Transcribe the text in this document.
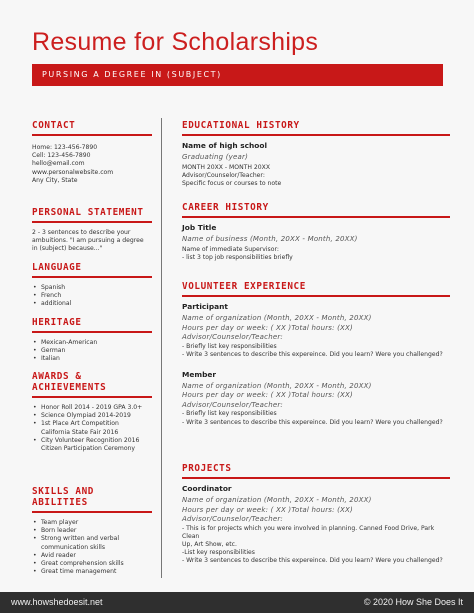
Resume for Scholarships
PURSING A DEGREE IN (SUBJECT)
CONTACT
Home: 123-456-7890
Cell: 123-456-7890
hello@email.com
www.personalwebsite.com
Any City, State
PERSONAL STATEMENT
2 - 3 sentences to describe your
ambuitions. "I am pursuing a degree
in (subject) because..."
LANGUAGE
• Spanish
• French
• additional
HERITAGE
• Mexican-American
• German
• Italian
AWARDS &
ACHIEVEMENTS
• Honor Roll 2014 - 2019 GPA 3.0+
• Science Olympiad 2014-2019
• 1st Place Art Competition
California State Fair 2016
• City Volunteer Recognition 2016
Citizen Participation Ceremony
SKILLS AND ABILITIES
• Team player
• Born leader
• Strong written and verbal
communication skills
• Avid reader
• Great comprehension skills
• Great time management
EDUCATIONAL HISTORY
Name of high school
Graduating (year)
MONTH 20XX - MONTH 20XX
Advisor/Counselor/Teacher:
Specific focus or courses to note
CAREER HISTORY
Job Title
Name of business (Month, 20XX - Month, 20XX)
Name of immediate Supervisor:
- list 3 top job responsibilities briefly
VOLUNTEER EXPERIENCE
Participant
Name of organization (Month, 20XX - Month, 20XX)
Hours per day or week: ( XX )Total hours: (XX)
Advisor/Counselor/Teacher:
- Briefly list key responsibilities
- Write 3 sentences to describe this expereince. Did you learn? Were you challenged?
Member
Name of organization (Month, 20XX - Month, 20XX)
Hours per day or week: ( XX )Total hours: (XX)
Advisor/Counselor/Teacher:
- Briefly list key responsibilities
- Write 3 sentences to describe this expereince. Did you learn? Were you challenged?
PROJECTS
Coordinator
Name of organization (Month, 20XX - Month, 20XX)
Hours per day or week: ( XX )Total hours: (XX)
Advisor/Counselor/Teacher:
- This is for projects which you were involved in planning. Canned Food Drive, Park Clean
Up, Art Show, etc.
-List key responsibilities
- Write 3 sentences to describe this expereince. Did you learn? Were you challenged?
www.howshedoesit.net	© 2020 How She Does It
